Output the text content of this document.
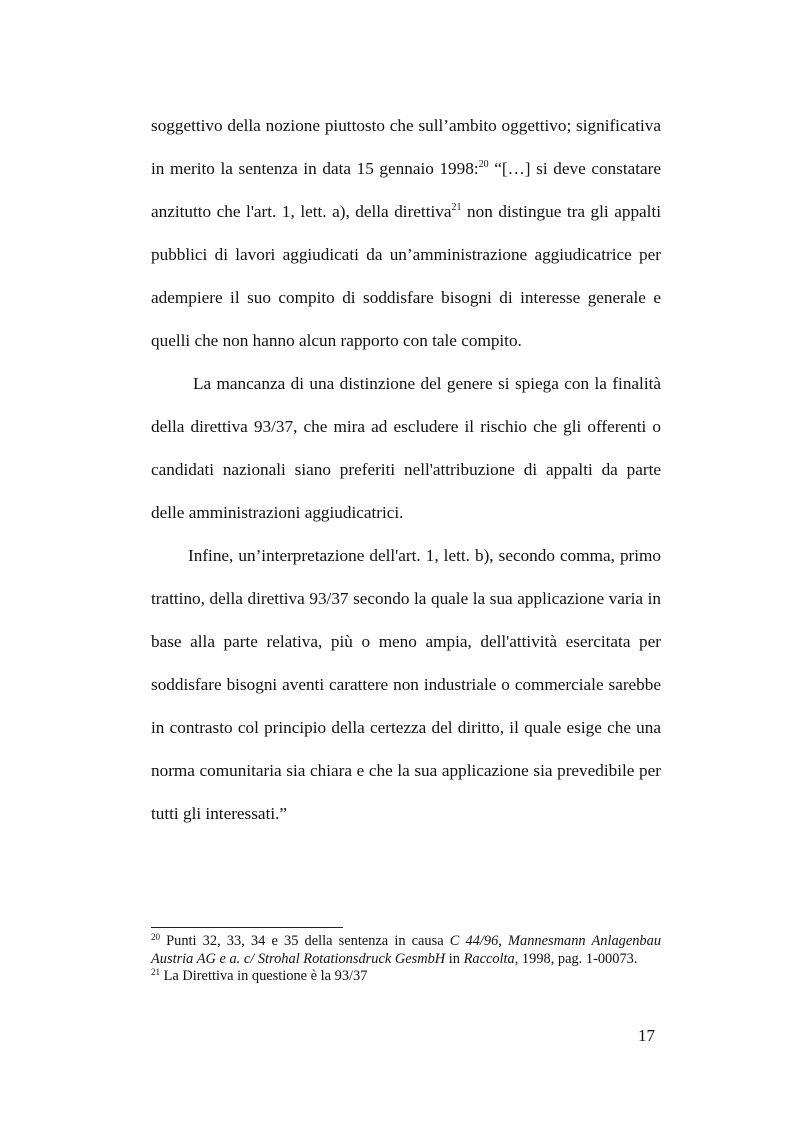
soggettivo della nozione piuttosto che sull’ambito oggettivo; significativa in merito la sentenza in data 15 gennaio 1998:$^{20}$ “[…] si deve constatare anzitutto che l'art. 1, lett. a), della direttiva$^{21}$ non distingue tra gli appalti pubblici di lavori aggiudicati da un’amministrazione aggiudicatrice per adempiere il suo compito di soddisfare bisogni di interesse generale e quelli che non hanno alcun rapporto con tale compito.

La mancanza di una distinzione del genere si spiega con la finalità della direttiva 93/37, che mira ad escludere il rischio che gli offerenti o candidati nazionali siano preferiti nell'attribuzione di appalti da parte delle amministrazioni aggiudicatrici.

Infine, un’interpretazione dell'art. 1, lett. b), secondo comma, primo trattino, della direttiva 93/37 secondo la quale la sua applicazione varia in base alla parte relativa, più o meno ampia, dell'attività esercitata per soddisfare bisogni aventi carattere non industriale o commerciale sarebbe in contrasto col principio della certezza del diritto, il quale esige che una norma comunitaria sia chiara e che la sua applicazione sia prevedibile per tutti gli interessati.”

$^{20}$ Punti 32, 33, 34 e 35 della sentenza in causa C 44/96, Mannesmann Anlagenbau Austria AG e a. c/ Strohal Rotationsdruck GesmbH in Raccolta, 1998, pag. 1-00073.

$^{21}$ La Direttiva in questione è la 93/37

17
